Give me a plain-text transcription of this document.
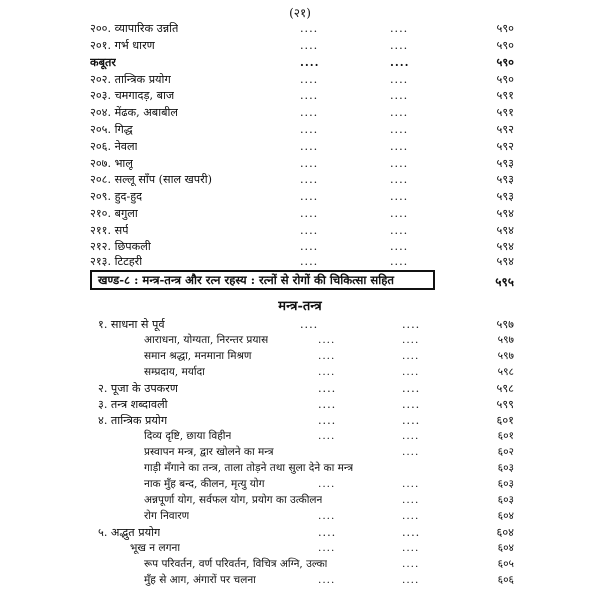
(२१)
२००. व्यापारिक उन्नति	....	....	५९०
२०१. गर्भ धारण	....	....	५९०
कबूतर	....	....	५९०
२०२. तान्त्रिक प्रयोग	....	....	५९०
२०३. चमगादड़, बाज	....	....	५९१
२०४. मेंढक, अबाबील	....	....	५९१
२०५. गिद्ध	....	....	५९२
२०६. नेवला	....	....	५९२
२०७. भालू	....	....	५९३
२०८. सल्लू साँप (साल खपरी)	....	....	५९३
२०९. हुद-हुद	....	....	५९३
२१०. बगुला	....	....	५९४
२११. सर्प	....	....	५९४
२१२. छिपकली	....	....	५९४
२१३. टिटहरी	....	....	५९४
खण्ड-८ : मन्त्र-तन्त्र और रत्न रहस्य : रत्नों से रोगों की चिकित्सा सहित	५९५
मन्त्र-तन्त्र
१. साधना से पूर्व	....	....	५९७
आराधना, योग्यता, निरन्तर प्रयास	....	....	५९७
समान श्रद्धा, मनमाना मिश्रण	....	....	५९७
सम्प्रदाय, मर्यादा	....	....	५९८
२. पूजा के उपकरण	....	....	५९८
३. तन्त्र शब्दावली	....	....	५९९
४. तान्त्रिक प्रयोग	....	....	६०१
दिव्य दृष्टि, छाया विहीन	....	....	६०१
प्रस्वापन मन्त्र, द्वार खोलने का मन्त्र	....	६०२
गाड़ी मँगाने का तन्त्र, ताला तोड़ने तथा सुला देने का मन्त्र	६०३
नाक मुँह बन्द, कीलन, मृत्यु योग	....	....	६०३
अन्नपूर्णा योग, सर्वफल योग, प्रयोग का उत्कीलन	....	६०३
रोग निवारण	....	....	६०४
५. अद्भुत प्रयोग	....	....	६०४
भूख न लगना	....	....	६०४
रूप परिवर्तन, वर्ण परिवर्तन, विचित्र अग्नि, उल्का	....	६०५
मुँह से आग, अंगारों पर चलना	....	....	६०६
